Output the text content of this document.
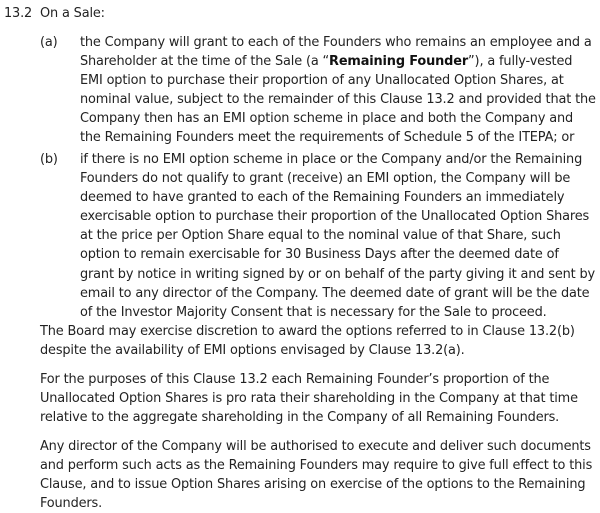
13.2 On a Sale:
(a) the Company will grant to each of the Founders who remains an employee and a Shareholder at the time of the Sale (a “Remaining Founder”), a fully-vested EMI option to purchase their proportion of any Unallocated Option Shares, at nominal value, subject to the remainder of this Clause 13.2 and provided that the Company then has an EMI option scheme in place and both the Company and the Remaining Founders meet the requirements of Schedule 5 of the ITEPA; or
(b) if there is no EMI option scheme in place or the Company and/or the Remaining Founders do not qualify to grant (receive) an EMI option, the Company will be deemed to have granted to each of the Remaining Founders an immediately exercisable option to purchase their proportion of the Unallocated Option Shares at the price per Option Share equal to the nominal value of that Share, such option to remain exercisable for 30 Business Days after the deemed date of grant by notice in writing signed by or on behalf of the party giving it and sent by email to any director of the Company. The deemed date of grant will be the date of the Investor Majority Consent that is necessary for the Sale to proceed.
The Board may exercise discretion to award the options referred to in Clause 13.2(b) despite the availability of EMI options envisaged by Clause 13.2(a).
For the purposes of this Clause 13.2 each Remaining Founder’s proportion of the Unallocated Option Shares is pro rata their shareholding in the Company at that time relative to the aggregate shareholding in the Company of all Remaining Founders.
Any director of the Company will be authorised to execute and deliver such documents and perform such acts as the Remaining Founders may require to give full effect to this Clause, and to issue Option Shares arising on exercise of the options to the Remaining Founders.
